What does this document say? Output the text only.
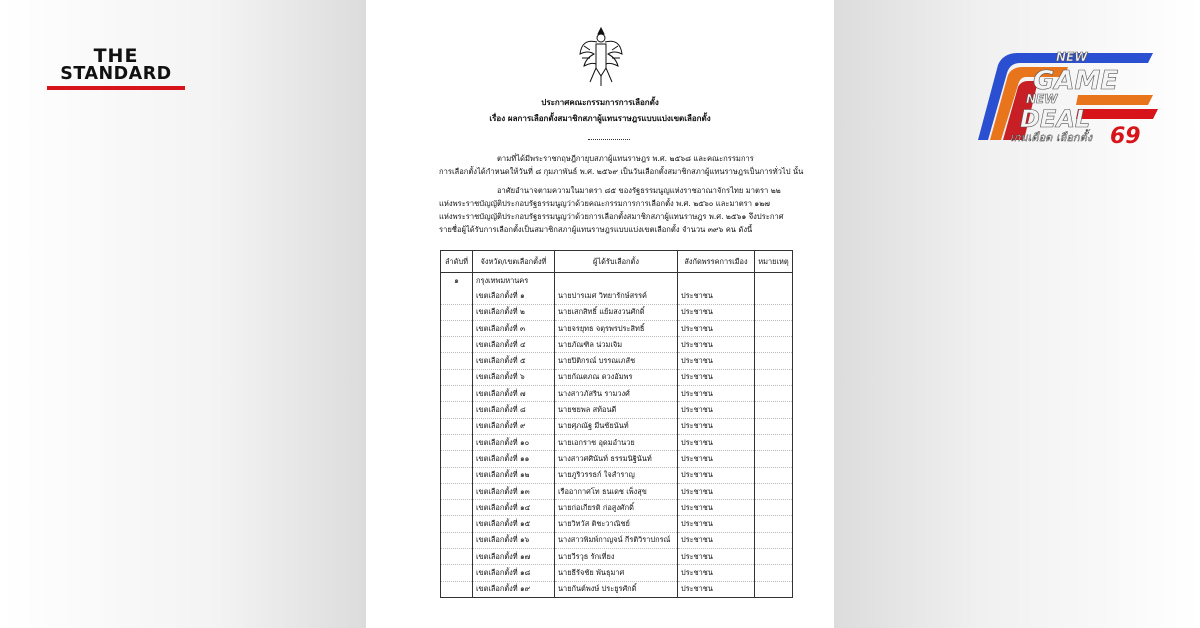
THE
STANDARD
NEW
GAME
NEW
DEAL
69
เกมเดือด เลือกตั้ง
ประกาศคณะกรรมการการเลือกตั้ง
เรื่อง ผลการเลือกตั้งสมาชิกสภาผู้แทนราษฎรแบบแบ่งเขตเลือกตั้ง
ตามที่ได้มีพระราชกฤษฎีกายุบสภาผู้แทนราษฎร พ.ศ. ๒๕๖๘ และคณะกรรมการ
การเลือกตั้งได้กำหนดให้วันที่ ๘ กุมภาพันธ์ พ.ศ. ๒๕๖๙ เป็นวันเลือกตั้งสมาชิกสภาผู้แทนราษฎรเป็นการทั่วไป นั้น
อาศัยอำนาจตามความในมาตรา ๘๕ ของรัฐธรรมนูญแห่งราชอาณาจักรไทย มาตรา ๒๒
แห่งพระราชบัญญัติประกอบรัฐธรรมนูญว่าด้วยคณะกรรมการการเลือกตั้ง พ.ศ. ๒๕๖๐ และมาตรา ๑๒๗
แห่งพระราชบัญญัติประกอบรัฐธรรมนูญว่าด้วยการเลือกตั้งสมาชิกสภาผู้แทนราษฎร พ.ศ. ๒๕๖๑ จึงประกาศ
รายชื่อผู้ได้รับการเลือกตั้งเป็นสมาชิกสภาผู้แทนราษฎรแบบแบ่งเขตเลือกตั้ง จำนวน ๓๙๖ คน ดังนี้
ลำดับที่	จังหวัด/เขตเลือกตั้งที่	ผู้ได้รับเลือกตั้ง	สังกัดพรรคการเมือง	หมายเหตุ
๑	กรุงเทพมหานคร			
	เขตเลือกตั้งที่ ๑	นายปารเมศ วิทยารักษ์สรรค์	ประชาชน	
	เขตเลือกตั้งที่ ๒	นายเสกสิทธิ์ แย้มสงวนศักดิ์	ประชาชน	
	เขตเลือกตั้งที่ ๓	นายจรยุทธ จตุรพรประสิทธิ์	ประชาชน	
	เขตเลือกตั้งที่ ๔	นายภัณฑิล น่วมเจิม	ประชาชน	
	เขตเลือกตั้งที่ ๕	นายปิติกรณ์ บรรณเภสัช	ประชาชน	
	เขตเลือกตั้งที่ ๖	นายกัณตภณ ดวงอัมพร	ประชาชน	
	เขตเลือกตั้งที่ ๗	นางสาวภัสริน รามวงศ์	ประชาชน	
	เขตเลือกตั้งที่ ๘	นายชยพล สท้อนดี	ประชาชน	
	เขตเลือกตั้งที่ ๙	นายศุภณัฐ มีนชัยนันท์	ประชาชน	
	เขตเลือกตั้งที่ ๑๐	นายเอกราช อุดมอำนวย	ประชาชน	
	เขตเลือกตั้งที่ ๑๑	นางสาวศศินันท์ ธรรมนิฐินันท์	ประชาชน	
	เขตเลือกตั้งที่ ๑๒	นายภูริวรรธก์ ใจสำราญ	ประชาชน	
	เขตเลือกตั้งที่ ๑๓	เรืออากาศโท ธนเดช เพ็งสุข	ประชาชน	
	เขตเลือกตั้งที่ ๑๔	นายก่อเกียรติ ก่อสูงศักดิ์	ประชาชน	
	เขตเลือกตั้งที่ ๑๕	นายวิทวัส ติชะวาณิชย์	ประชาชน	
	เขตเลือกตั้งที่ ๑๖	นางสาวพิมพ์กาญจน์ กีรติวิราปกรณ์	ประชาชน	
	เขตเลือกตั้งที่ ๑๗	นายวีรวุธ รักเที่ยง	ประชาชน	
	เขตเลือกตั้งที่ ๑๘	นายธีรัจชัย พันธุมาศ	ประชาชน	
	เขตเลือกตั้งที่ ๑๙	นายกันต์พงษ์ ประยูรศักดิ์	ประชาชน	
